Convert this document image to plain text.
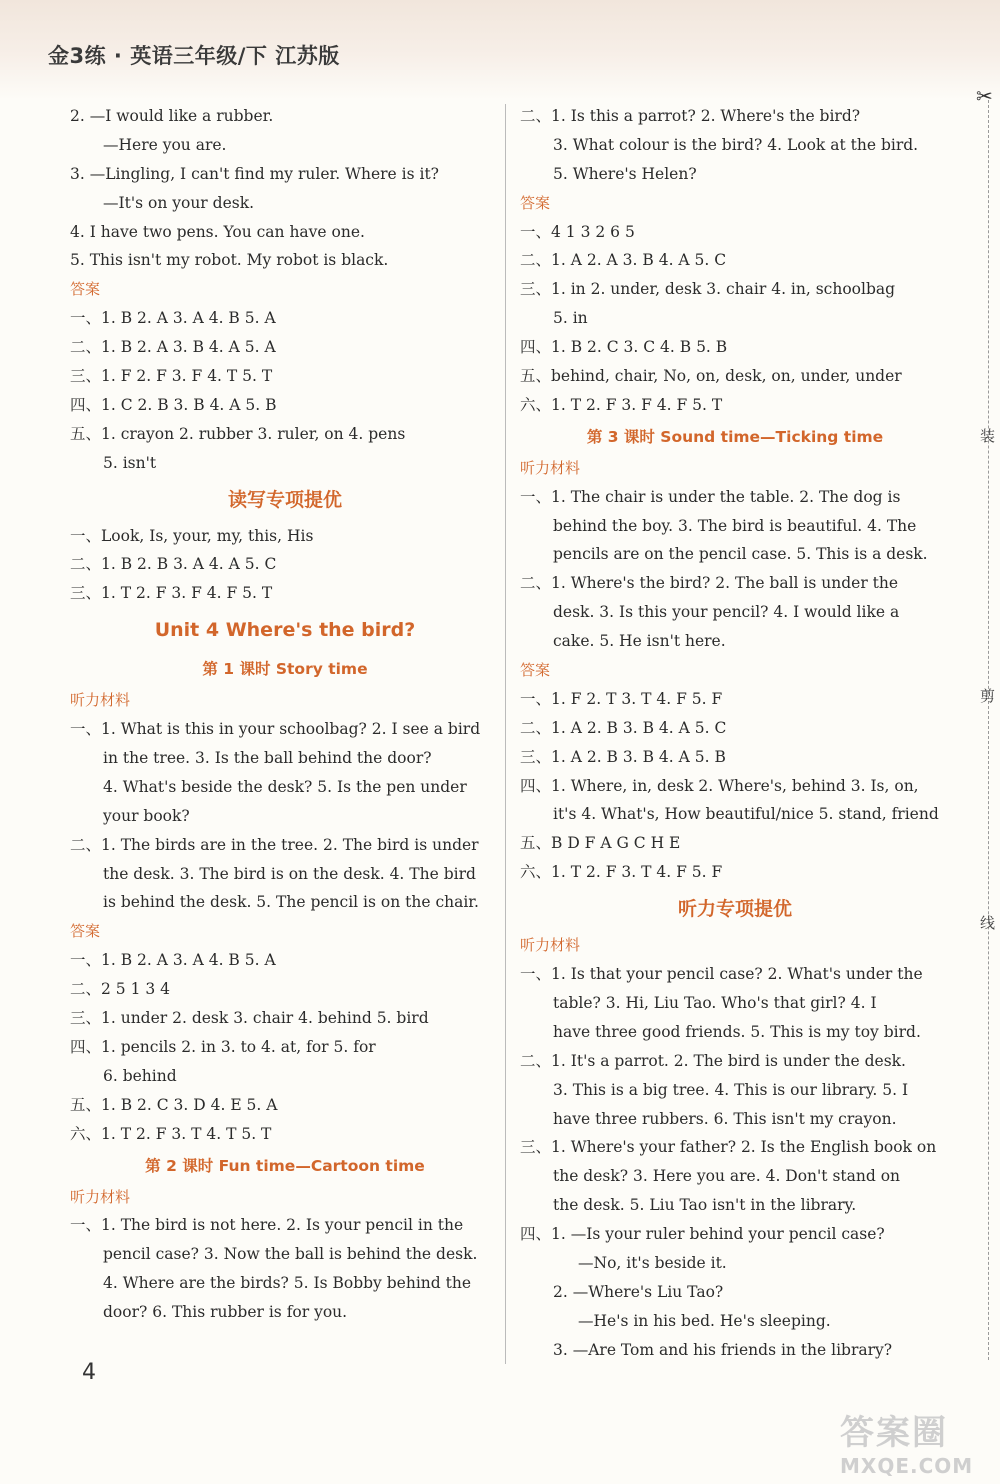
金3练 · 英语三年级/下 江苏版
2. —I would like a rubber.
—Here you are.
3. —Lingling, I can't find my ruler. Where is it?
—It's on your desk.
4. I have two pens. You can have one.
5. This isn't my robot. My robot is black.
答案
一、1. B 2. A 3. A 4. B 5. A
二、1. B 2. A 3. B 4. A 5. A
三、1. F 2. F 3. F 4. T 5. T
四、1. C 2. B 3. B 4. A 5. B
五、1. crayon 2. rubber 3. ruler, on 4. pens
5. isn't
读写专项提优
一、Look, Is, your, my, this, His
二、1. B 2. B 3. A 4. A 5. C
三、1. T 2. F 3. F 4. F 5. T
Unit 4 Where's the bird?
第 1 课时 Story time
听力材料
一、1. What is this in your schoolbag? 2. I see a bird
in the tree. 3. Is the ball behind the door?
4. What's beside the desk? 5. Is the pen under
your book?
二、1. The birds are in the tree. 2. The bird is under
the desk. 3. The bird is on the desk. 4. The bird
is behind the desk. 5. The pencil is on the chair.
答案
一、1. B 2. A 3. A 4. B 5. A
二、2 5 1 3 4
三、1. under 2. desk 3. chair 4. behind 5. bird
四、1. pencils 2. in 3. to 4. at, for 5. for
6. behind
五、1. B 2. C 3. D 4. E 5. A
六、1. T 2. F 3. T 4. T 5. T
第 2 课时 Fun time—Cartoon time
听力材料
一、1. The bird is not here. 2. Is your pencil in the
pencil case? 3. Now the ball is behind the desk.
4. Where are the birds? 5. Is Bobby behind the
door? 6. This rubber is for you.
二、1. Is this a parrot? 2. Where's the bird?
3. What colour is the bird? 4. Look at the bird.
5. Where's Helen?
答案
一、4 1 3 2 6 5
二、1. A 2. A 3. B 4. A 5. C
三、1. in 2. under, desk 3. chair 4. in, schoolbag
5. in
四、1. B 2. C 3. C 4. B 5. B
五、behind, chair, No, on, desk, on, under, under
六、1. T 2. F 3. F 4. F 5. T
第 3 课时 Sound time—Ticking time
听力材料
一、1. The chair is under the table. 2. The dog is
behind the boy. 3. The bird is beautiful. 4. The
pencils are on the pencil case. 5. This is a desk.
二、1. Where's the bird? 2. The ball is under the
desk. 3. Is this your pencil? 4. I would like a
cake. 5. He isn't here.
答案
一、1. F 2. T 3. T 4. F 5. F
二、1. A 2. B 3. B 4. A 5. C
三、1. A 2. B 3. B 4. A 5. B
四、1. Where, in, desk 2. Where's, behind 3. Is, on,
it's 4. What's, How beautiful/nice 5. stand, friend
五、B D F A G C H E
六、1. T 2. F 3. T 4. F 5. F
听力专项提优
听力材料
一、1. Is that your pencil case? 2. What's under the
table? 3. Hi, Liu Tao. Who's that girl? 4. I
have three good friends. 5. This is my toy bird.
二、1. It's a parrot. 2. The bird is under the desk.
3. This is a big tree. 4. This is our library. 5. I
have three rubbers. 6. This isn't my crayon.
三、1. Where's your father? 2. Is the English book on
the desk? 3. Here you are. 4. Don't stand on
the desk. 5. Liu Tao isn't in the library.
四、1. —Is your ruler behind your pencil case?
—No, it's beside it.
2. —Where's Liu Tao?
—He's in his bed. He's sleeping.
3. —Are Tom and his friends in the library?
✂
装
剪
线
4
答案圈
MXQE.COM
